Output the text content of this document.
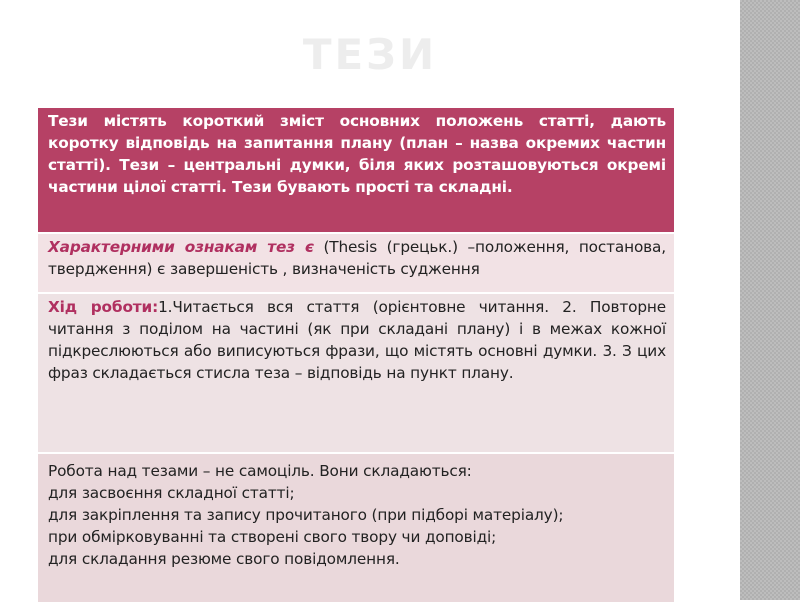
ТЕЗИ
Тези містять короткий зміст основних положень статті, дають коротку відповідь на запитання плану (план – назва окремих частин статті). Тези – центральні думки, біля яких розташовуються окремі частини цілої статті. Тези бувають прості та складні.
Характерними ознакам тез є (Thesis (грецьк.) –положення, постанова, твердження) є завершеність , визначеність судження
Хід роботи:1.Читається вся стаття (орієнтовне читання. 2. Повторне читання з поділом на частині (як при складані плану) і в межах кожної підкреслюються або виписуються фрази, що містять основні думки. 3. З цих фраз складається стисла теза – відповідь на пункт плану.
Робота над тезами – не самоціль. Вони складаються:
для засвоєння складної статті;
для закріплення та запису прочитаного (при підборі матеріалу);
при обмірковуванні та створені свого твору чи доповіді;
для складання резюме свого повідомлення.
